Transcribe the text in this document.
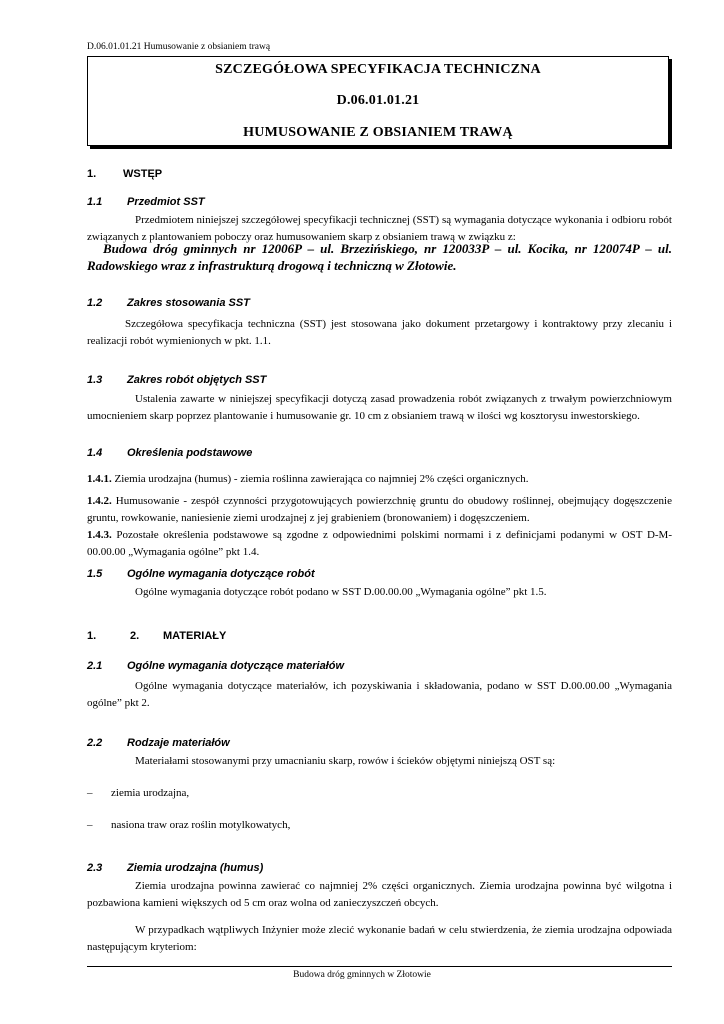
D.06.01.01.21 Humusowanie z obsianiem trawą
SZCZEGÓŁOWA SPECYFIKACJA TECHNICZNA
D.06.01.01.21
HUMUSOWANIE Z OBSIANIEM TRAWĄ
1. WSTĘP
1.1 Przedmiot SST
Przedmiotem niniejszej szczegółowej specyfikacji technicznej (SST) są wymagania dotyczące wykonania i odbioru robót związanych z plantowaniem poboczy oraz humusowaniem skarp z obsianiem trawą w związku z:
Budowa dróg gminnych nr 12006P – ul. Brzezińskiego, nr 120033P – ul. Kocika, nr 120074P – ul. Radowskiego wraz z infrastrukturą drogową i techniczną w Złotowie.
1.2 Zakres stosowania SST
Szczegółowa specyfikacja techniczna (SST) jest stosowana jako dokument przetargowy i kontraktowy przy zlecaniu i realizacji robót wymienionych w pkt. 1.1.
1.3 Zakres robót objętych SST
Ustalenia zawarte w niniejszej specyfikacji dotyczą zasad prowadzenia robót związanych z trwałym powierzchniowym umocnieniem skarp poprzez plantowanie i humusowanie gr. 10 cm z obsianiem trawą w ilości wg kosztorysu inwestorskiego.
1.4 Określenia podstawowe
1.4.1. Ziemia urodzajna (humus) - ziemia roślinna zawierająca co najmniej 2% części organicznych.
1.4.2. Humusowanie - zespół czynności przygotowujących powierzchnię gruntu do obudowy roślinnej, obejmujący dogęszczenie gruntu, rowkowanie, naniesienie ziemi urodzajnej z jej grabieniem (bronowaniem) i dogęszczeniem.
1.4.3. Pozostałe określenia podstawowe są zgodne z odpowiednimi polskimi normami i z definicjami podanymi w OST D-M-00.00.00 „Wymagania ogólne” pkt 1.4.
1.5 Ogólne wymagania dotyczące robót
Ogólne wymagania dotyczące robót podano w SST D.00.00.00 „Wymagania ogólne” pkt 1.5.
1.	2. MATERIAŁY
2.1 Ogólne wymagania dotyczące materiałów
Ogólne wymagania dotyczące materiałów, ich pozyskiwania i składowania, podano w SST D.00.00.00 „Wymagania ogólne” pkt 2.
2.2 Rodzaje materiałów
Materiałami stosowanymi przy umacnianiu skarp, rowów i ścieków objętymi niniejszą OST są:
– ziemia urodzajna,
– nasiona traw oraz roślin motylkowatych,
2.3 Ziemia urodzajna (humus)
Ziemia urodzajna powinna zawierać co najmniej 2% części organicznych. Ziemia urodzajna powinna być wilgotna i pozbawiona kamieni większych od 5 cm oraz wolna od zanieczyszczeń obcych.
W przypadkach wątpliwych Inżynier może zlecić wykonanie badań w celu stwierdzenia, że ziemia urodzajna odpowiada następującym kryteriom:
Budowa dróg gminnych w Złotowie
